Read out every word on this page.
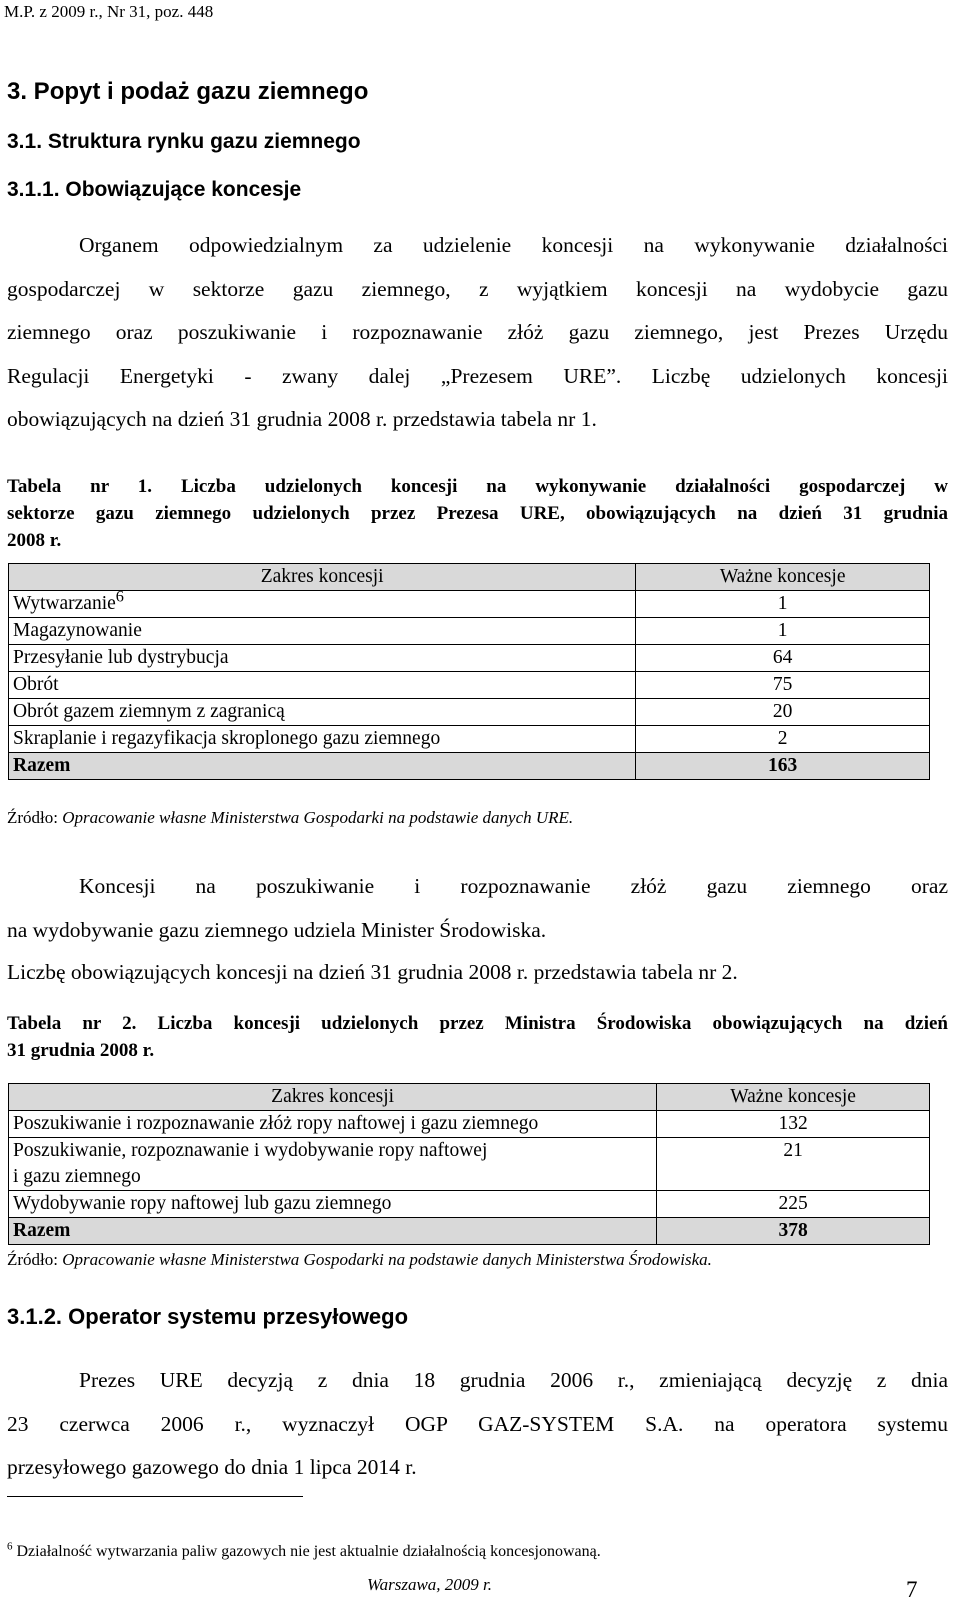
M.P. z 2009 r., Nr 31, poz. 448
3. Popyt i podaż gazu ziemnego
3.1. Struktura rynku gazu ziemnego
3.1.1. Obowiązujące koncesje
Organem odpowiedzialnym za udzielenie koncesji na wykonywanie działalności
gospodarczej w sektorze gazu ziemnego, z wyjątkiem koncesji na wydobycie gazu
ziemnego oraz poszukiwanie i rozpoznawanie złóż gazu ziemnego, jest Prezes Urzędu
Regulacji Energetyki - zwany dalej „Prezesem URE”. Liczbę udzielonych koncesji
obowiązujących na dzień 31 grudnia 2008 r. przedstawia tabela nr 1.
Tabela nr 1. Liczba udzielonych koncesji na wykonywanie działalności gospodarczej w
sektorze gazu ziemnego udzielonych przez Prezesa URE, obowiązujących na dzień 31 grudnia
2008 r.
Zakres koncesji	Ważne koncesje
Wytwarzanie$^6$	1
Magazynowanie	1
Przesyłanie lub dystrybucja	64
Obrót	75
Obrót gazem ziemnym z zagranicą	20
Skraplanie i regazyfikacja skroplonego gazu ziemnego	2
Razem	163
Źródło: Opracowanie własne Ministerstwa Gospodarki na podstawie danych URE.
Koncesji na poszukiwanie i rozpoznawanie złóż gazu ziemnego oraz
na wydobywanie gazu ziemnego udziela Minister Środowiska.
Liczbę obowiązujących koncesji na dzień 31 grudnia 2008 r. przedstawia tabela nr 2.
Tabela nr 2. Liczba koncesji udzielonych przez Ministra Środowiska obowiązujących na dzień
31 grudnia 2008 r.
Zakres koncesji	Ważne koncesje
Poszukiwanie i rozpoznawanie złóż ropy naftowej i gazu ziemnego	132

Poszukiwanie, rozpoznawanie i wydobywanie ropy naftowej
i gazu ziemnego	21
Wydobywanie ropy naftowej lub gazu ziemnego	225
Razem	378
Źródło: Opracowanie własne Ministerstwa Gospodarki na podstawie danych Ministerstwa Środowiska.
3.1.2. Operator systemu przesyłowego
Prezes URE decyzją z dnia 18 grudnia 2006 r., zmieniającą decyzję z dnia
23 czerwca 2006 r., wyznaczył OGP GAZ-SYSTEM S.A. na operatora systemu
przesyłowego gazowego do dnia 1 lipca 2014 r.
$^6$ Działalność wytwarzania paliw gazowych nie jest aktualnie działalnością koncesjonowaną.
Warszawa, 2009 r.	7
